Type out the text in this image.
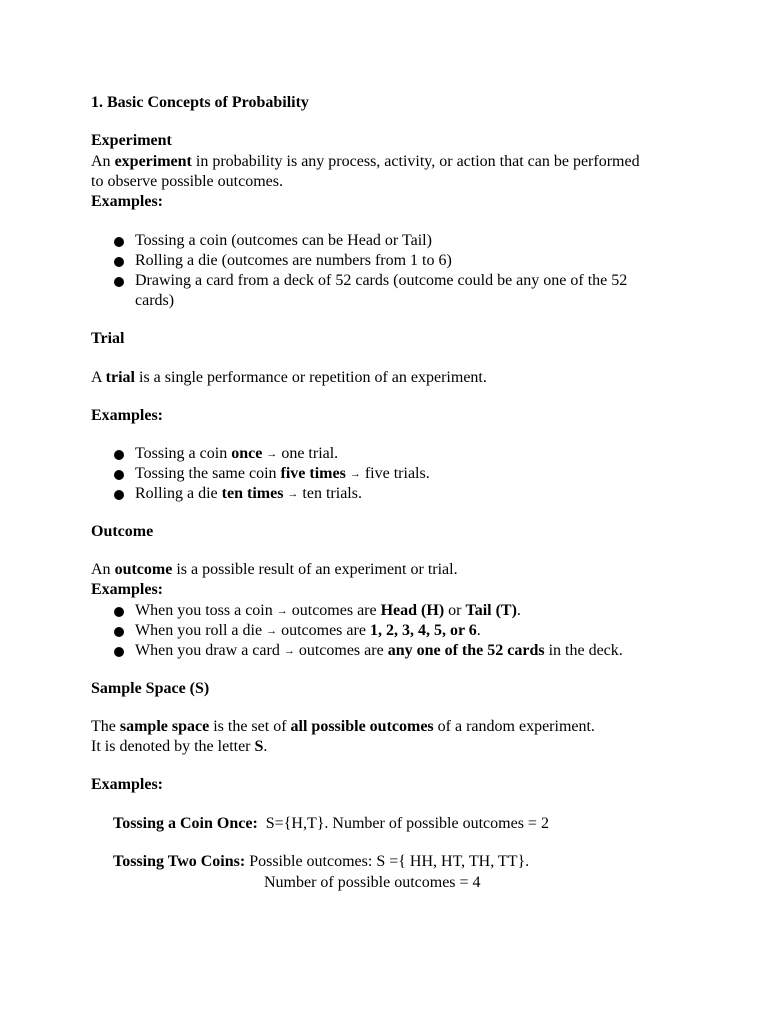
1. Basic Concepts of Probability
Experiment
An experiment in probability is any process, activity, or action that can be performed
to observe possible outcomes.
Examples:
Tossing a coin (outcomes can be Head or Tail)
Rolling a die (outcomes are numbers from 1 to 6)
Drawing a card from a deck of 52 cards (outcome could be any one of the 52
cards)
Trial
A trial is a single performance or repetition of an experiment.
Examples:
Tossing a coin once → one trial.
Tossing the same coin five times → five trials.
Rolling a die ten times → ten trials.
Outcome
An outcome is a possible result of an experiment or trial.
Examples:
When you toss a coin → outcomes are Head (H) or Tail (T).
When you roll a die → outcomes are 1, 2, 3, 4, 5, or 6.
When you draw a card → outcomes are any one of the 52 cards in the deck.
Sample Space (S)
The sample space is the set of all possible outcomes of a random experiment.
It is denoted by the letter S.
Examples:
Tossing a Coin Once:  S={H,T}. Number of possible outcomes = 2
Tossing Two Coins: Possible outcomes: S ={ HH, HT, TH, TT}.
Number of possible outcomes = 4
